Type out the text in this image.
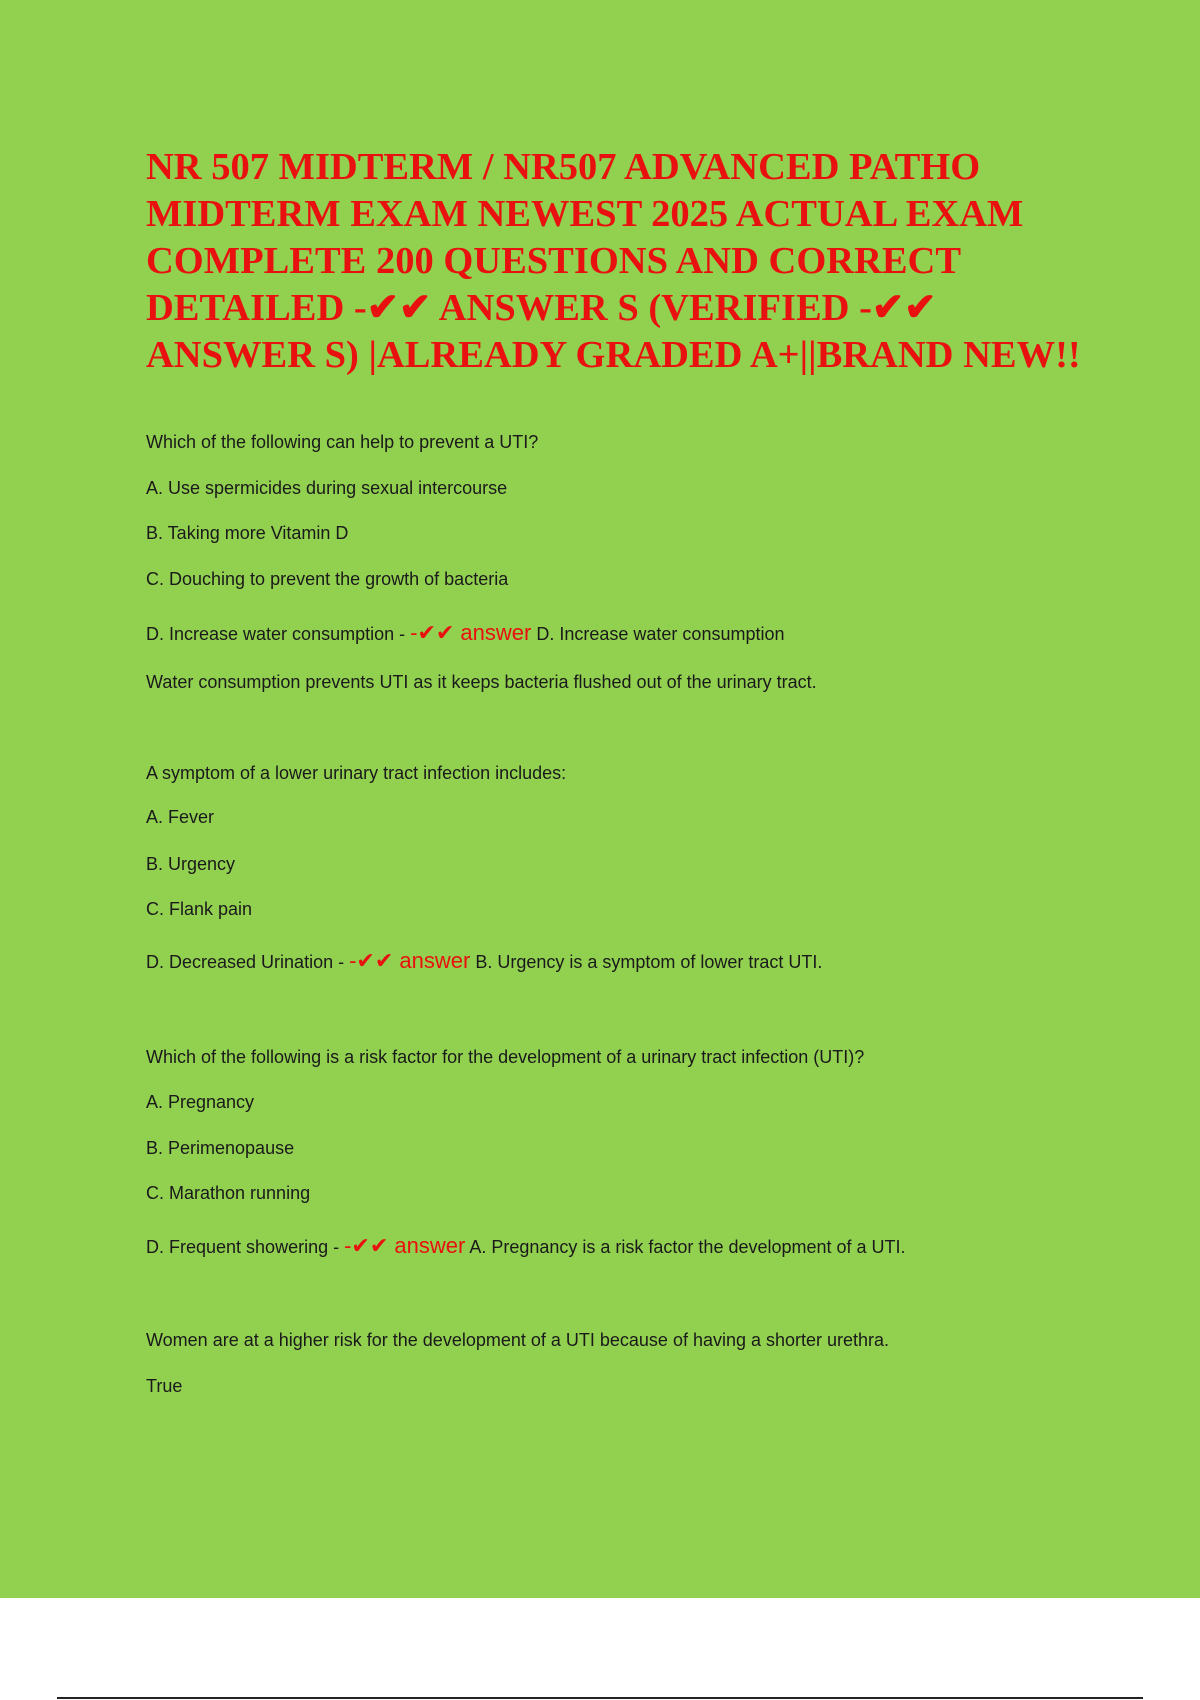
NR 507 MIDTERM / NR507 ADVANCED PATHO MIDTERM EXAM NEWEST 2025 ACTUAL EXAM COMPLETE 200 QUESTIONS AND CORRECT DETAILED -✔✔ ANSWER S (VERIFIED -✔✔ ANSWER S) |ALREADY GRADED A+||BRAND NEW!!
Which of the following can help to prevent a UTI?
A. Use spermicides during sexual intercourse
B. Taking more Vitamin D
C. Douching to prevent the growth of bacteria
D. Increase water consumption - -✔✔ answer D. Increase water consumption
Water consumption prevents UTI as it keeps bacteria flushed out of the urinary tract.
A symptom of a lower urinary tract infection includes:
A. Fever
B. Urgency
C. Flank pain
D. Decreased Urination - -✔✔ answer B. Urgency is a symptom of lower tract UTI.
Which of the following is a risk factor for the development of a urinary tract infection (UTI)?
A. Pregnancy
B. Perimenopause
C. Marathon running
D. Frequent showering - -✔✔ answer A. Pregnancy is a risk factor the development of a UTI.
Women are at a higher risk for the development of a UTI because of having a shorter urethra.
True
